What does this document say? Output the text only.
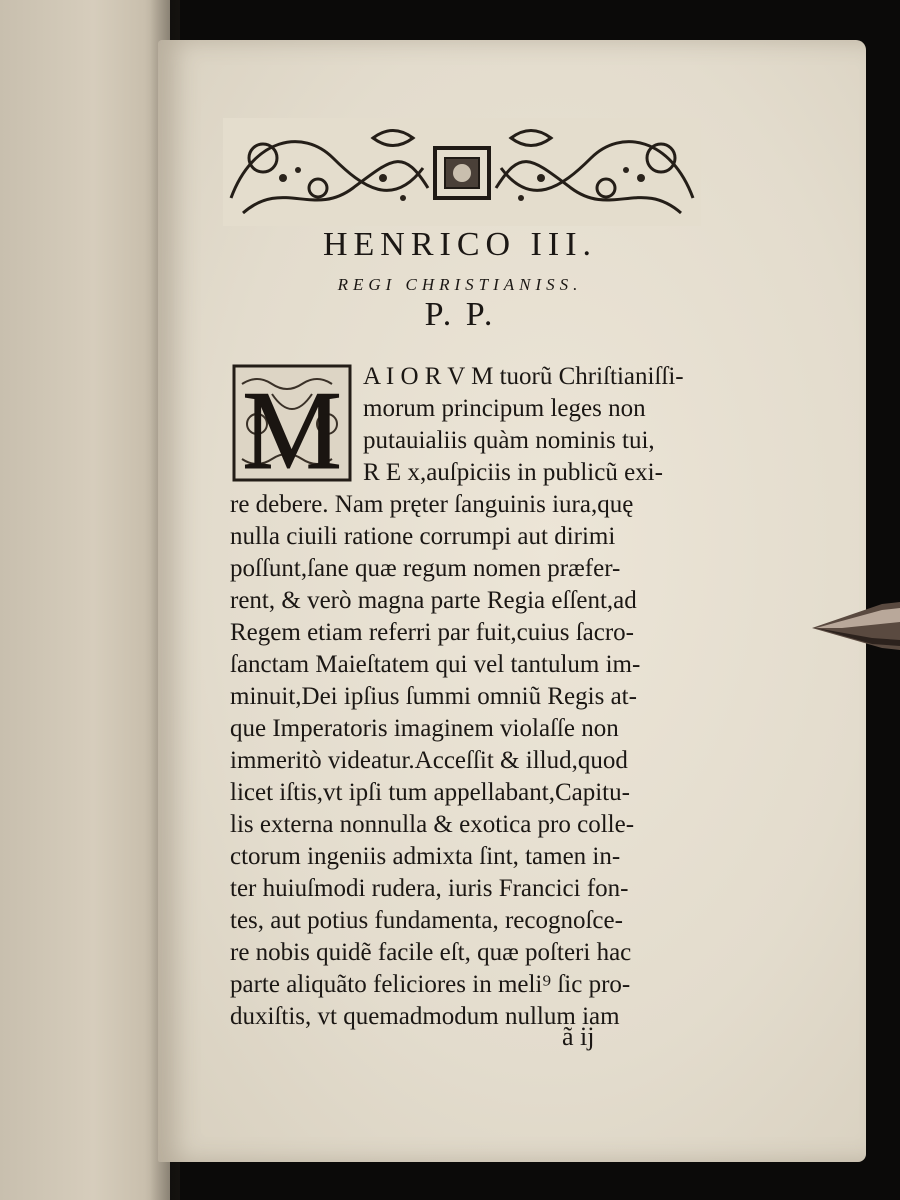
HENRICO III.

REGI CHRISTIANISS.

P. P.

M A I O R V M tuorũ Chriſtianiſſi-

morum principum leges non

putauialiis quàm nominis tui,

R E x,auſpiciis in publicũ exi-

re debere. Nam pręter ſanguinis iura,quę

nulla ciuili ratione corrumpi aut dirimi

poſſunt,ſane quæ regum nomen præfer-

rent, & verò magna parte Regia eſſent,ad

Regem etiam referri par fuit,cuius ſacro-

ſanctam Maieſtatem qui vel tantulum im-

minuit,Dei ipſius ſummi omniũ Regis at-

que Imperatoris imaginem violaſſe non

immeritò videatur.Acceſſit & illud,quod

licet iſtis,vt ipſi tum appellabant,Capitu-

lis externa nonnulla & exotica pro colle-

ctorum ingeniis admixta ſint, tamen in-

ter huiuſmodi rudera, iuris Francici fon-

tes, aut potius fundamenta, recognoſce-

re nobis quidẽ facile eſt, quæ poſteri hac

parte aliquãto feliciores in meli⁹ ſic pro-

duxiſtis, vt quemadmodum nullum iam

ã ij
